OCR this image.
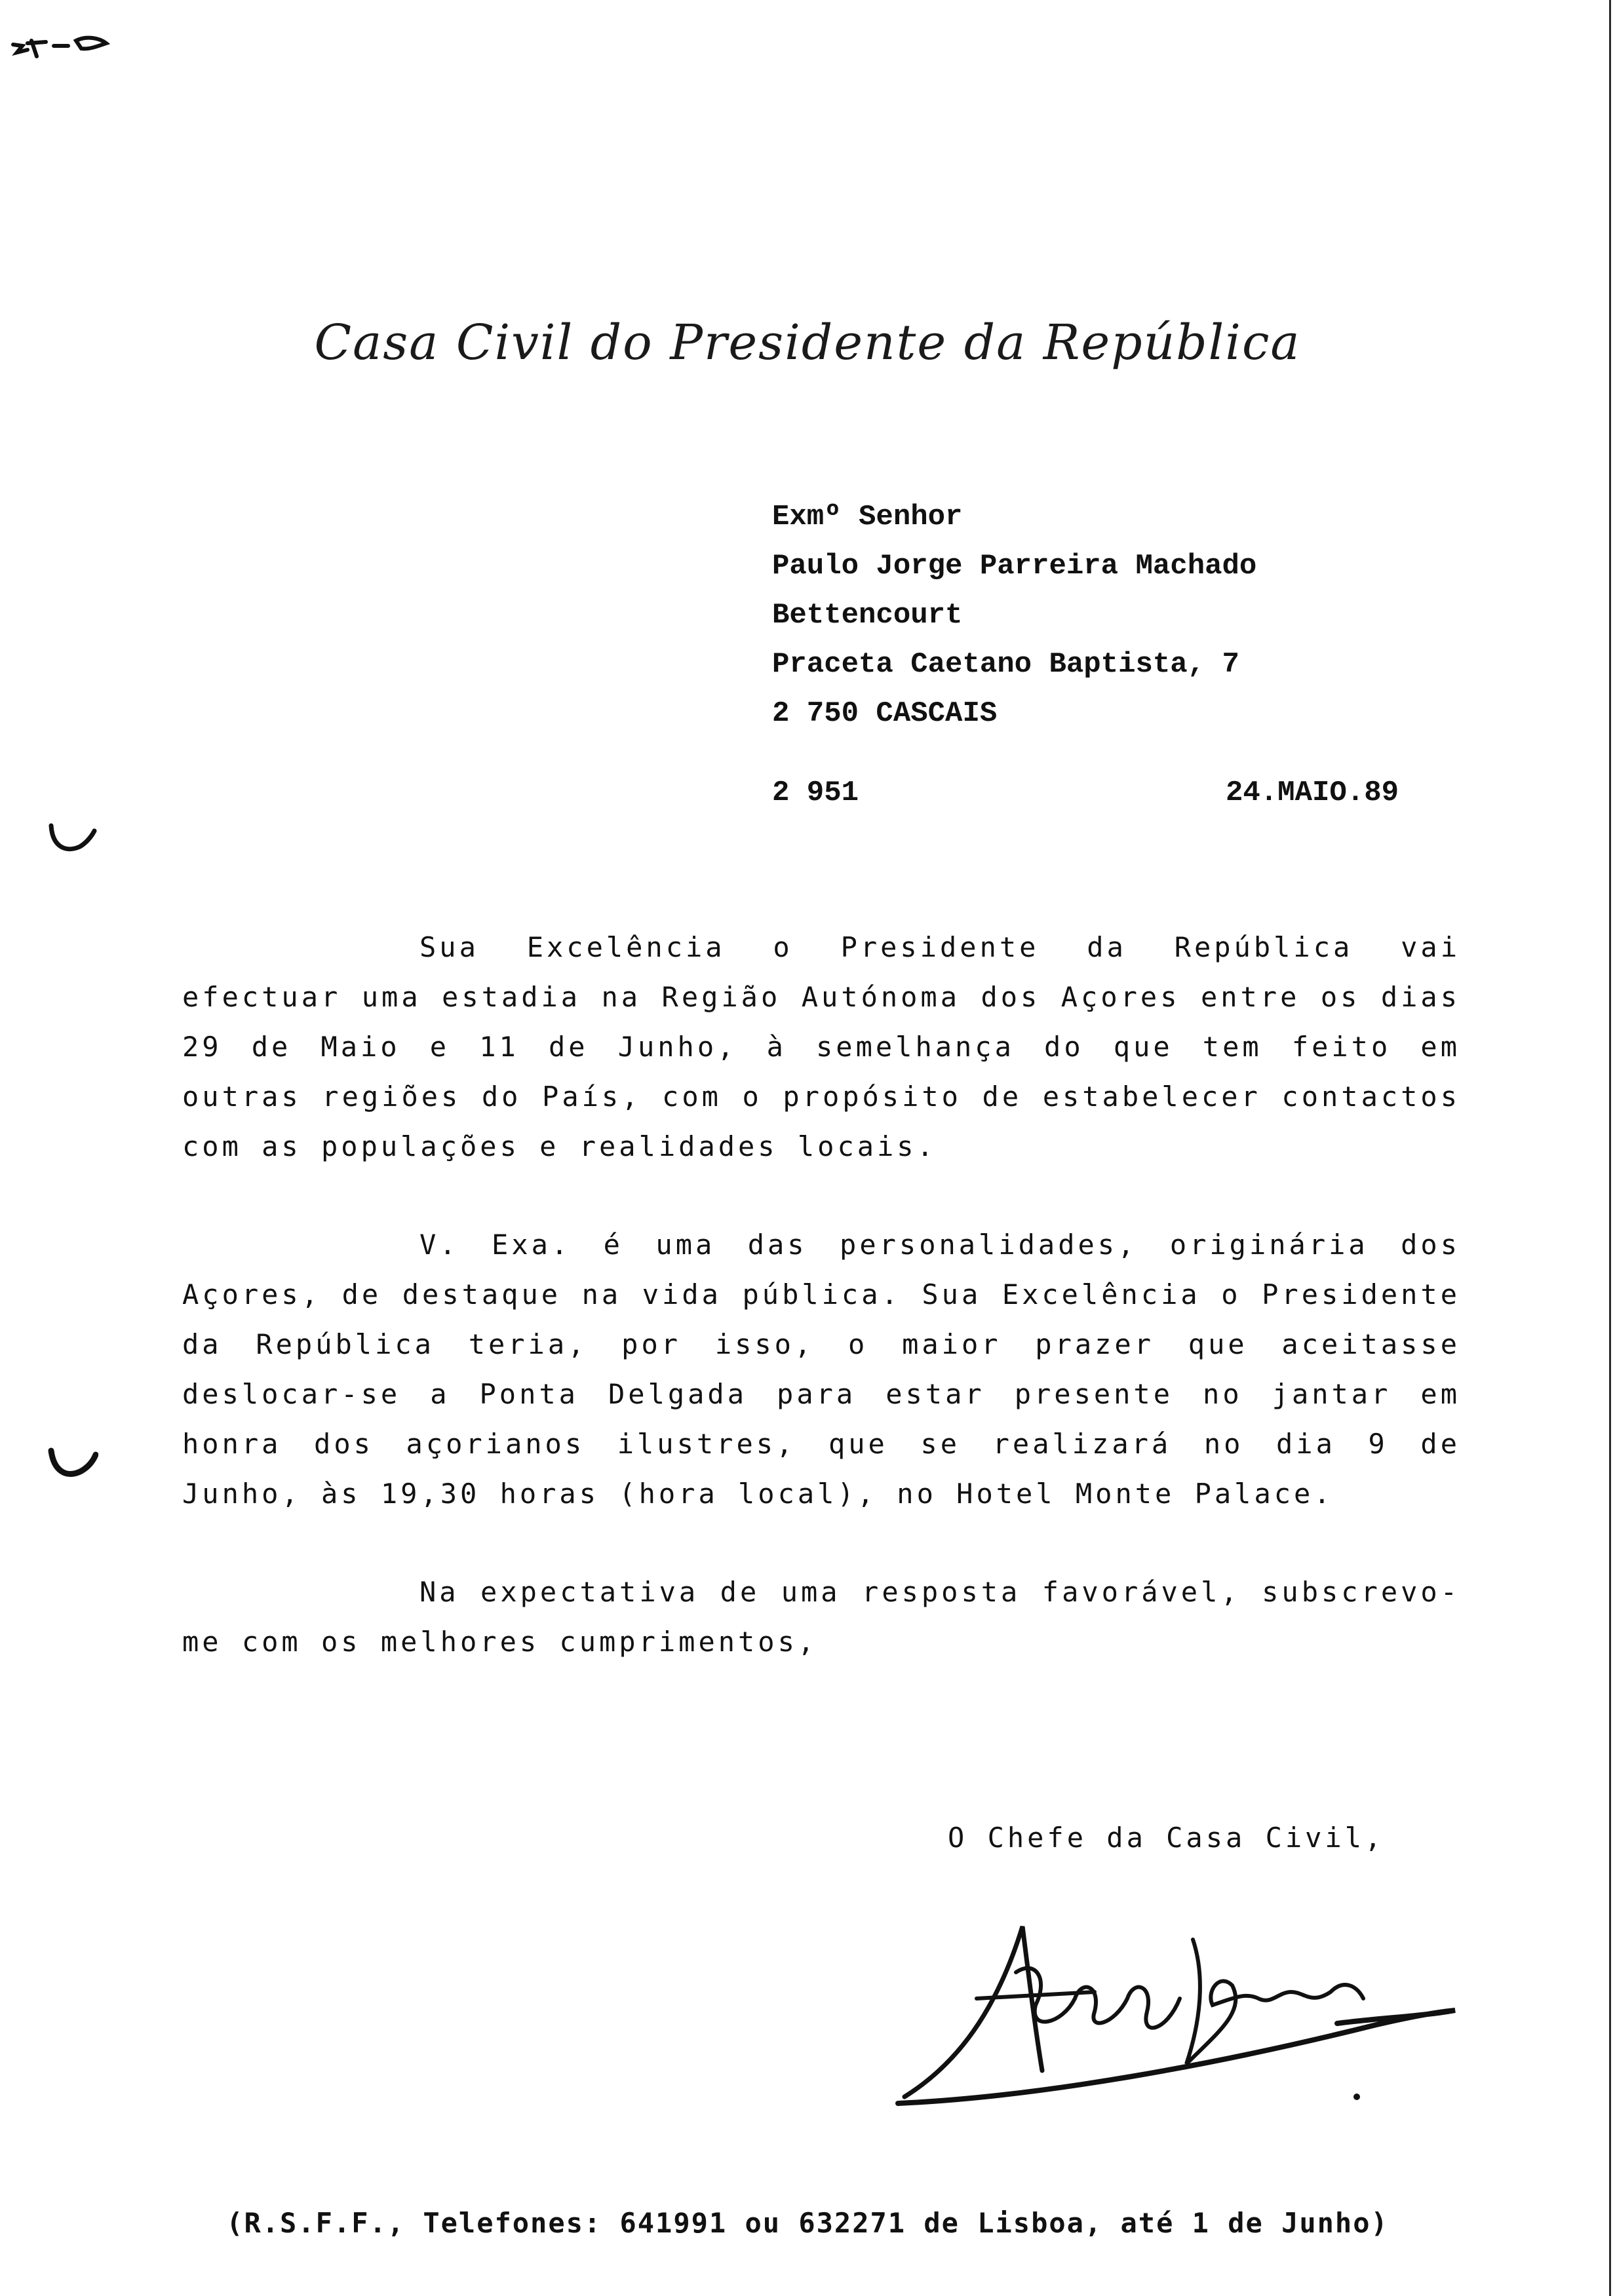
Casa Civil do Presidente da República
Exmº Senhor
Paulo Jorge Parreira Machado
Bettencourt
Praceta Caetano Baptista, 7
2 750 CASCAIS
2 951	24.MAIO.89

Sua Excelência o Presidente da República vai efectuar uma estadia na Região Autónoma dos Açores entre os dias 29 de Maio e 11 de Junho, à semelhança do que tem feito em outras regiões do País, com o propósito de estabelecer contactos com as populações e realidades locais.

V. Exa. é uma das personalidades, originária dos Açores, de destaque na vida pública. Sua Excelência o Presidente da República teria, por isso, o maior prazer que aceitasse deslocar-se a Ponta Delgada para estar presente no jantar em honra dos açorianos ilustres, que se realizará no dia 9 de Junho, às 19,30 horas (hora local), no Hotel Monte Palace.

Na expectativa de uma resposta favorável, subscrevo-me com os melhores cumprimentos,

O Chefe da Casa Civil,
(R.S.F.F., Telefones: 641991 ou 632271 de Lisboa, até 1 de Junho)
